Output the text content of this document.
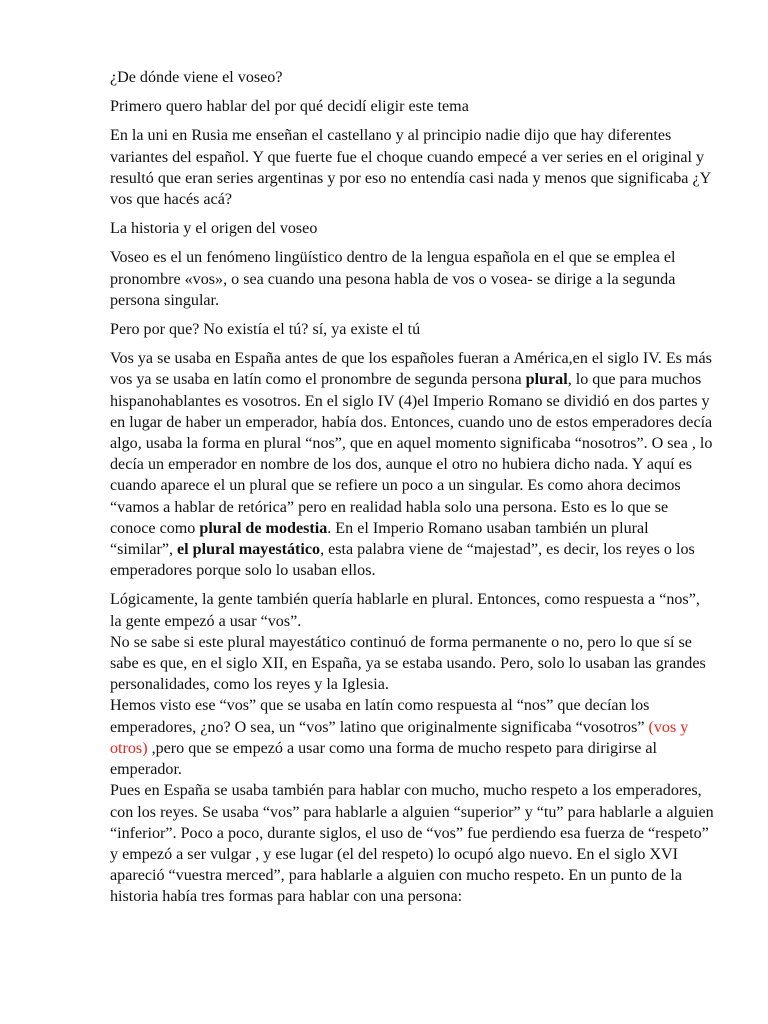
¿De dónde viene el voseo?

Primero quero hablar del por qué decidí eligir este tema

En la uni en Rusia me enseñan el castellano y al principio nadie dijo que hay diferentes variantes del español. Y que fuerte fue el choque cuando empecé a ver series en el original y resultó que eran series argentinas y por eso no entendía casi nada y menos que significaba ¿Y vos que hacés acá?

La historia y el origen del voseo

Voseo es el un fenómeno lingüístico dentro de la lengua española en el que se emplea el pronombre «vos», o sea cuando una pesona habla de vos o vosea- se dirige a la segunda persona singular.

Pero por que? No existía el tú? sí, ya existe el tú

Vos ya se usaba en España antes de que los españoles fueran a América,en el siglo IV. Es más vos ya se usaba en latín como el pronombre de segunda persona plural, lo que para muchos hispanohablantes es vosotros. En el siglo IV (4)el Imperio Romano se dividió en dos partes y en lugar de haber un emperador, había dos. Entonces, cuando uno de estos emperadores decía algo, usaba la forma en plural “nos”, que en aquel momento significaba “nosotros”. O sea , lo decía un emperador en nombre de los dos, aunque el otro no hubiera dicho nada. Y aquí es cuando aparece el un plural que se refiere un poco a un singular. Es como ahora decimos “vamos a hablar de retórica” pero en realidad habla solo una persona. Esto es lo que se conoce como plural de modestia. En el Imperio Romano usaban también un plural “similar”, el plural mayestático, esta palabra viene de “majestad”, es decir, los reyes o los emperadores porque solo lo usaban ellos.

Lógicamente, la gente también quería hablarle en plural. Entonces, como respuesta a “nos”, la gente empezó a usar “vos”.

No se sabe si este plural mayestático continuó de forma permanente o no, pero lo que sí se sabe es que, en el siglo XII, en España, ya se estaba usando. Pero, solo lo usaban las grandes personalidades, como los reyes y la Iglesia.

Hemos visto ese “vos” que se usaba en latín como respuesta al “nos” que decían los emperadores, ¿no? O sea, un “vos” latino que originalmente significaba “vosotros” (vos y otros) ,pero que se empezó a usar como una forma de mucho respeto para dirigirse al emperador.

Pues en España se usaba también para hablar con mucho, mucho respeto a los emperadores, con los reyes. Se usaba “vos” para hablarle a alguien “superior” y “tu” para hablarle a alguien “inferior”. Poco a poco, durante siglos, el uso de “vos” fue perdiendo esa fuerza de “respeto” y empezó a ser vulgar , y ese lugar (el del respeto) lo ocupó algo nuevo. En el siglo XVI apareció “vuestra merced”, para hablarle a alguien con mucho respeto. En un punto de la historia había tres formas para hablar con una persona:
